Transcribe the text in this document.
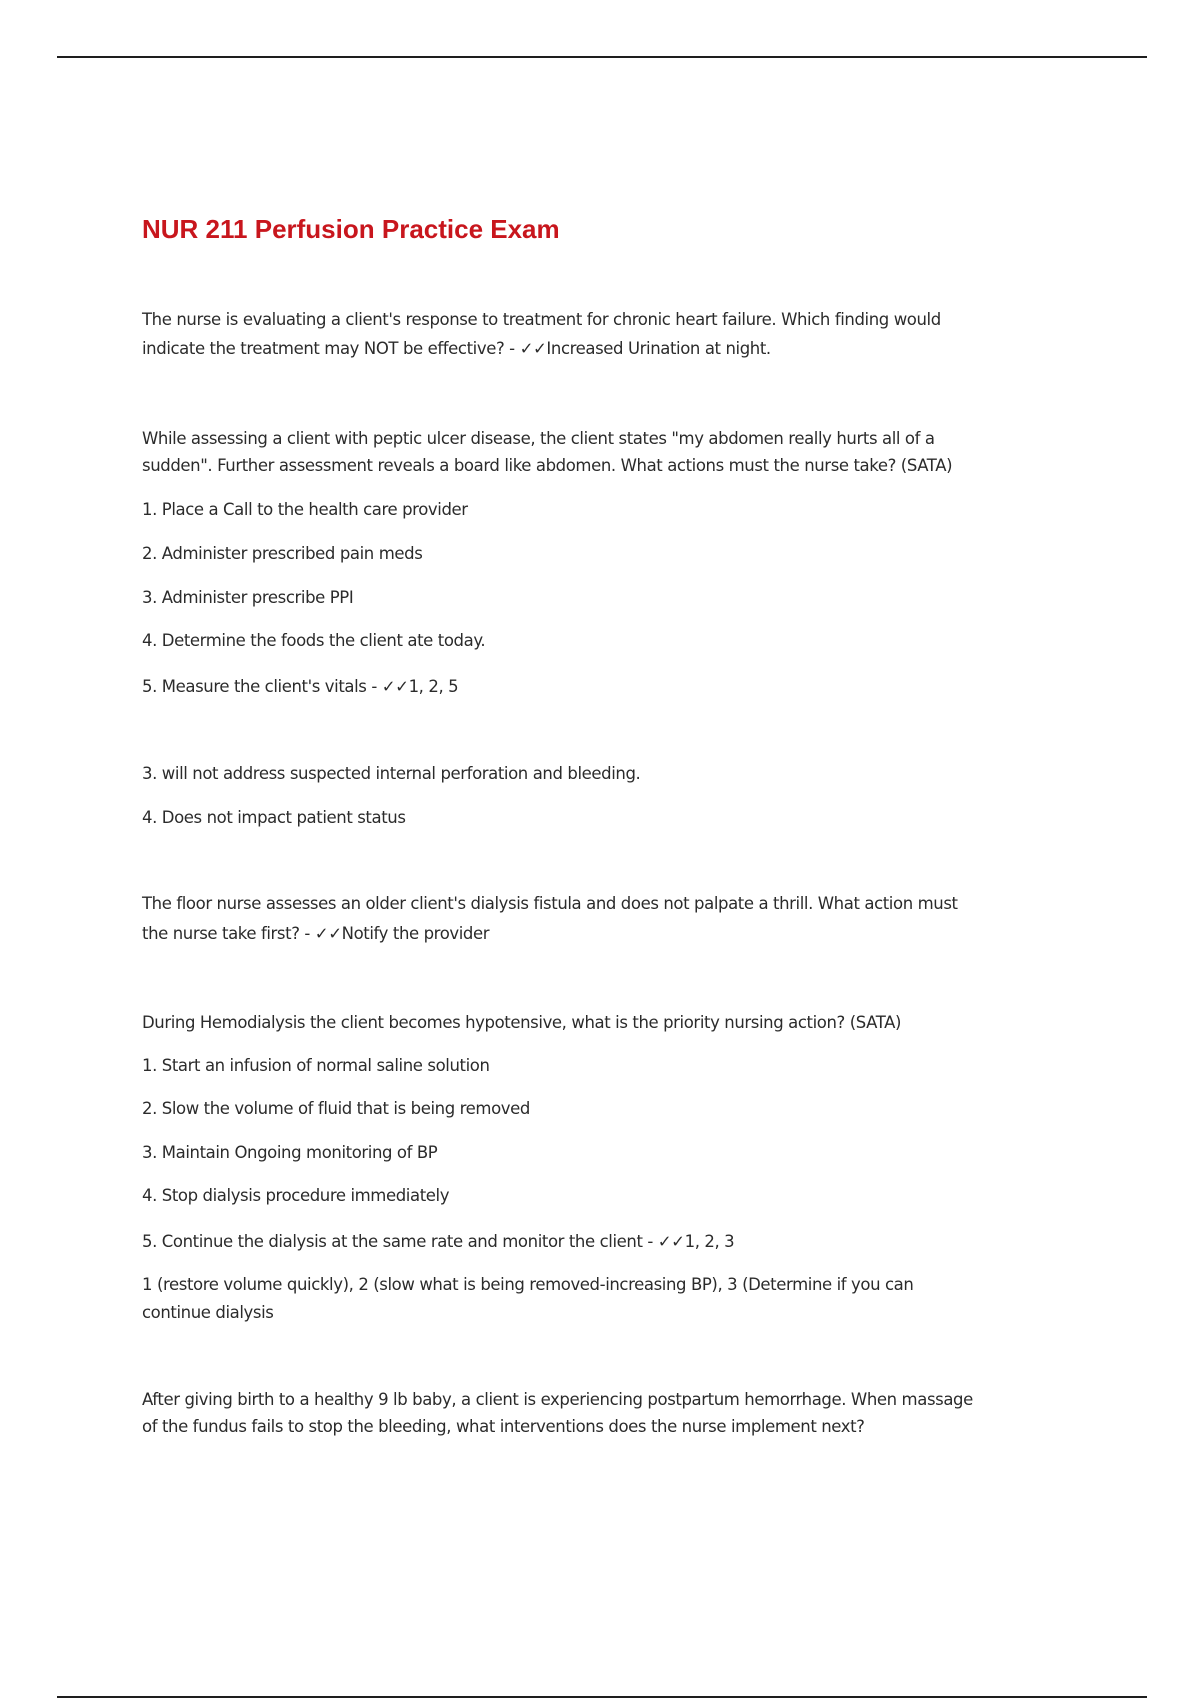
NUR 211 Perfusion Practice Exam
The nurse is evaluating a client's response to treatment for chronic heart failure. Which finding would
indicate the treatment may NOT be effective? - ✓✓Increased Urination at night.
While assessing a client with peptic ulcer disease, the client states "my abdomen really hurts all of a
sudden". Further assessment reveals a board like abdomen. What actions must the nurse take? (SATA)
1. Place a Call to the health care provider
2. Administer prescribed pain meds
3. Administer prescribe PPI
4. Determine the foods the client ate today.
5. Measure the client's vitals - ✓✓1, 2, 5
3. will not address suspected internal perforation and bleeding.
4. Does not impact patient status
The floor nurse assesses an older client's dialysis fistula and does not palpate a thrill. What action must
the nurse take first? - ✓✓Notify the provider
During Hemodialysis the client becomes hypotensive, what is the priority nursing action? (SATA)
1. Start an infusion of normal saline solution
2. Slow the volume of fluid that is being removed
3. Maintain Ongoing monitoring of BP
4. Stop dialysis procedure immediately
5. Continue the dialysis at the same rate and monitor the client - ✓✓1, 2, 3
1 (restore volume quickly), 2 (slow what is being removed-increasing BP), 3 (Determine if you can
continue dialysis
After giving birth to a healthy 9 lb baby, a client is experiencing postpartum hemorrhage. When massage
of the fundus fails to stop the bleeding, what interventions does the nurse implement next?
